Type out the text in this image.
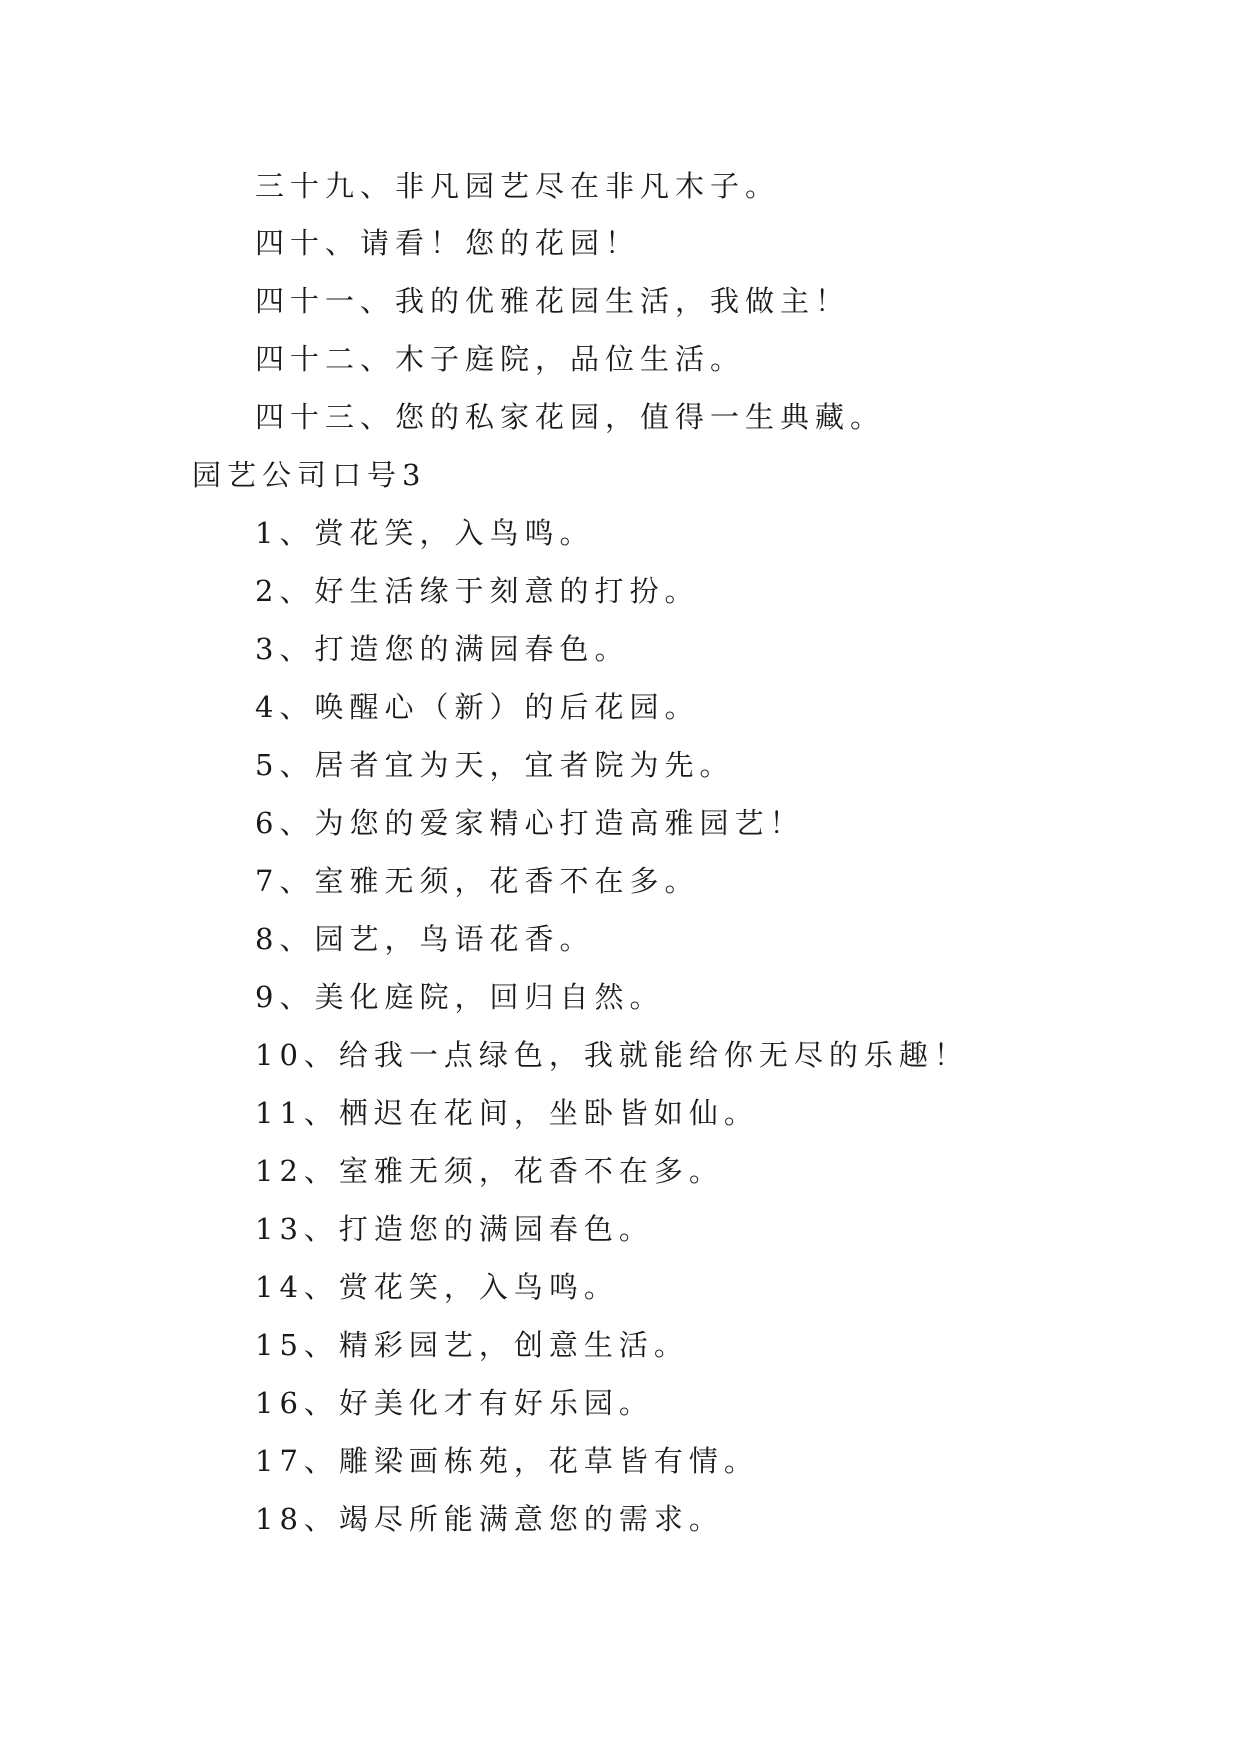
三十九、非凡园艺尽在非凡木子。
四十、请看！您的花园！
四十一、我的优雅花园生活，我做主！
四十二、木子庭院，品位生活。
四十三、您的私家花园，值得一生典藏。
园艺公司口号3
1、赏花笑，入鸟鸣。
2、好生活缘于刻意的打扮。
3、打造您的满园春色。
4、唤醒心（新）的后花园。
5、居者宜为天，宜者院为先。
6、为您的爱家精心打造高雅园艺！
7、室雅无须，花香不在多。
8、园艺，鸟语花香。
9、美化庭院，回归自然。
10、给我一点绿色，我就能给你无尽的乐趣！
11、栖迟在花间，坐卧皆如仙。
12、室雅无须，花香不在多。
13、打造您的满园春色。
14、赏花笑，入鸟鸣。
15、精彩园艺，创意生活。
16、好美化才有好乐园。
17、雕梁画栋苑，花草皆有情。
18、竭尽所能满意您的需求。
